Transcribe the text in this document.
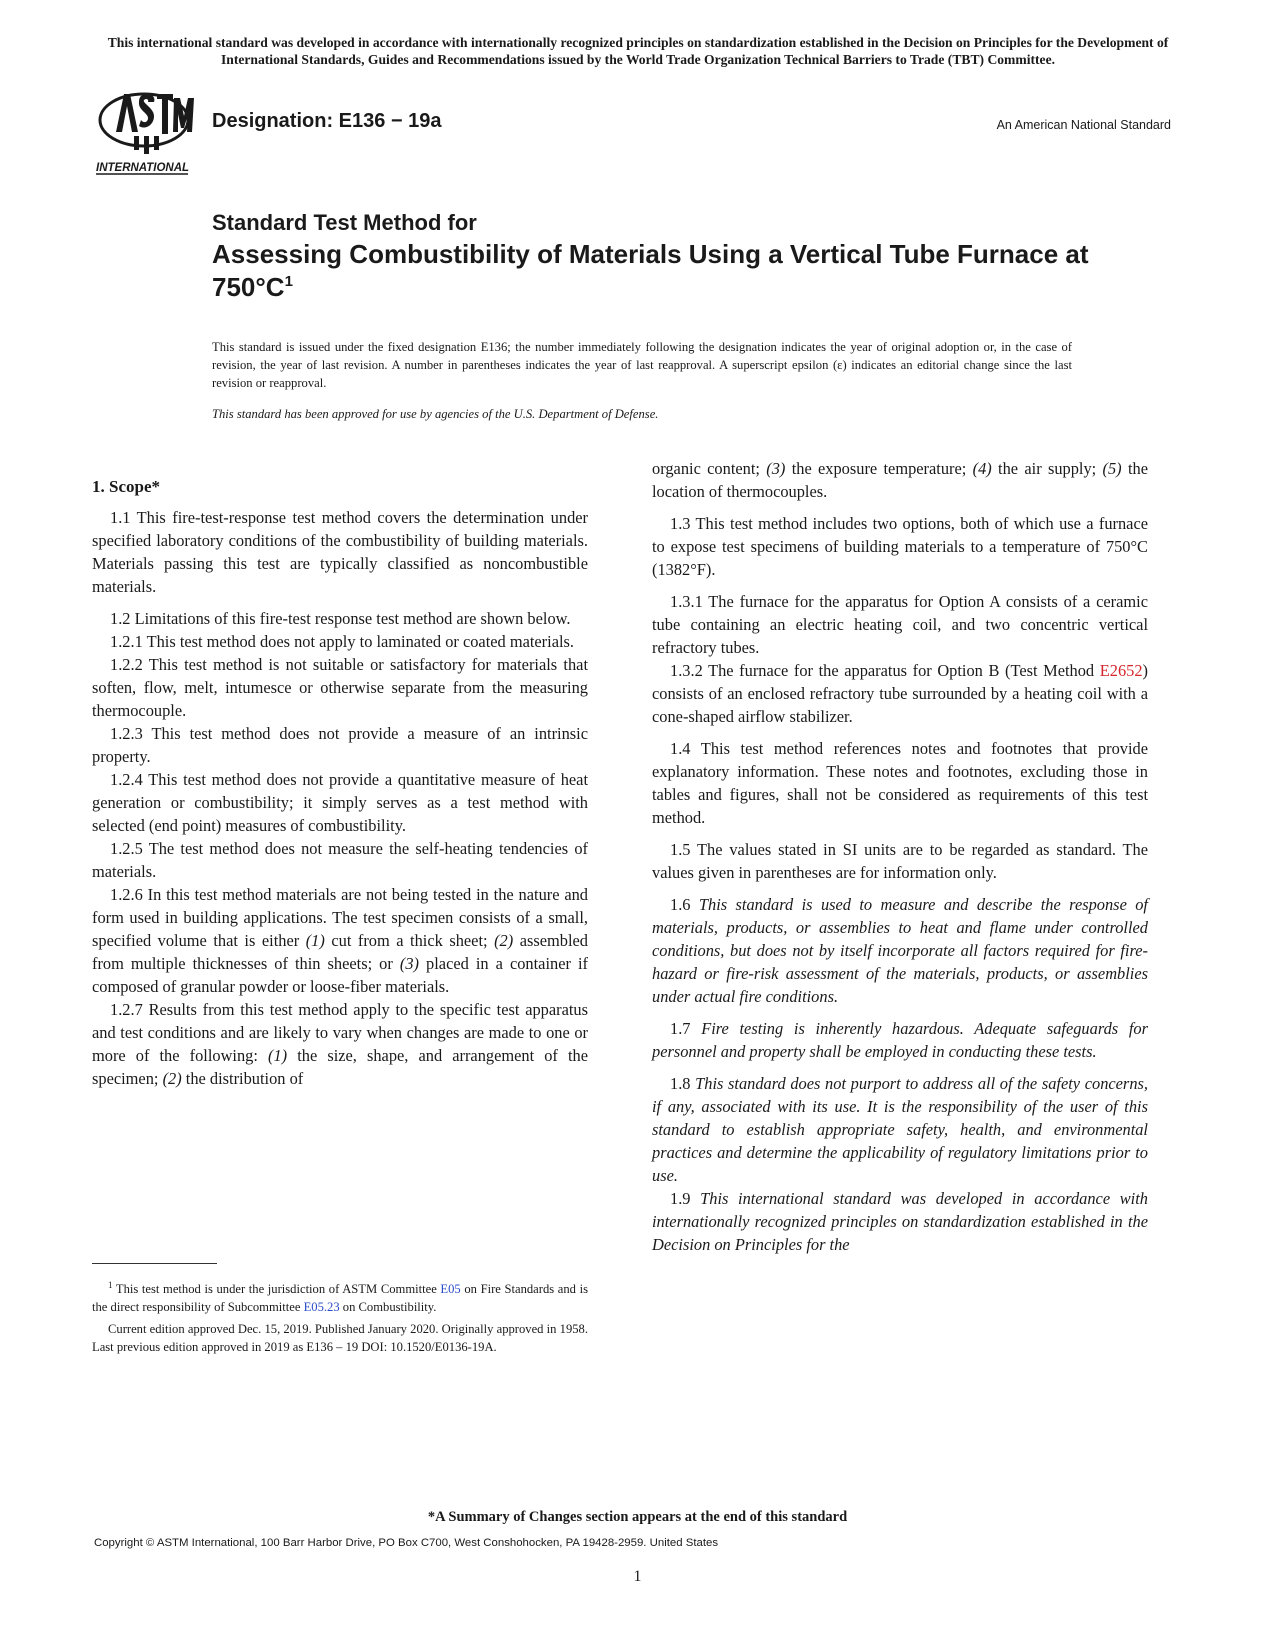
This international standard was developed in accordance with internationally recognized principles on standardization established in the Decision on Principles for the Development of International Standards, Guides and Recommendations issued by the World Trade Organization Technical Barriers to Trade (TBT) Committee.
INTERNATIONAL
Designation: E136 − 19a	An American National Standard
Standard Test Method for
Assessing Combustibility of Materials Using a Vertical Tube Furnace at $750^\circ C^1$
This standard is issued under the fixed designation E136; the number immediately following the designation indicates the year of original adoption or, in the case of revision, the year of last revision. A number in parentheses indicates the year of last reapproval. A superscript epsilon (ε) indicates an editorial change since the last revision or reapproval.
This standard has been approved for use by agencies of the U.S. Department of Defense.
1. Scope*

1.1 This fire-test-response test method covers the determination under specified laboratory conditions of the combustibility of building materials. Materials passing this test are typically classified as noncombustible materials.

1.2 Limitations of this fire-test response test method are shown below.

1.2.1 This test method does not apply to laminated or coated materials.

1.2.2 This test method is not suitable or satisfactory for materials that soften, flow, melt, intumesce or otherwise separate from the measuring thermocouple.

1.2.3 This test method does not provide a measure of an intrinsic property.

1.2.4 This test method does not provide a quantitative measure of heat generation or combustibility; it simply serves as a test method with selected (end point) measures of combustibility.

1.2.5 The test method does not measure the self-heating tendencies of materials.

1.2.6 In this test method materials are not being tested in the nature and form used in building applications. The test specimen consists of a small, specified volume that is either (1) cut from a thick sheet; (2) assembled from multiple thicknesses of thin sheets; or (3) placed in a container if composed of granular powder or loose-fiber materials.

1.2.7 Results from this test method apply to the specific test apparatus and test conditions and are likely to vary when changes are made to one or more of the following: (1) the size, shape, and arrangement of the specimen; (2) the distribution of

organic content; (3) the exposure temperature; (4) the air supply; (5) the location of thermocouples.

1.3 This test method includes two options, both of which use a furnace to expose test specimens of building materials to a temperature of 750°C (1382°F).

1.3.1 The furnace for the apparatus for Option A consists of a ceramic tube containing an electric heating coil, and two concentric vertical refractory tubes.

1.3.2 The furnace for the apparatus for Option B (Test Method E2652) consists of an enclosed refractory tube surrounded by a heating coil with a cone-shaped airflow stabilizer.

1.4 This test method references notes and footnotes that provide explanatory information. These notes and footnotes, excluding those in tables and figures, shall not be considered as requirements of this test method.

1.5 The values stated in SI units are to be regarded as standard. The values given in parentheses are for information only.

1.6 This standard is used to measure and describe the response of materials, products, or assemblies to heat and flame under controlled conditions, but does not by itself incorporate all factors required for fire-hazard or fire-risk assessment of the materials, products, or assemblies under actual fire conditions.

1.7 Fire testing is inherently hazardous. Adequate safeguards for personnel and property shall be employed in conducting these tests.

1.8 This standard does not purport to address all of the safety concerns, if any, associated with its use. It is the responsibility of the user of this standard to establish appropriate safety, health, and environmental practices and determine the applicability of regulatory limitations prior to use.

1.9 This international standard was developed in accordance with internationally recognized principles on standardization established in the Decision on Principles for the

$^1$ This test method is under the jurisdiction of ASTM Committee E05 on Fire Standards and is the direct responsibility of Subcommittee E05.23 on Combustibility.

Current edition approved Dec. 15, 2019. Published January 2020. Originally approved in 1958. Last previous edition approved in 2019 as E136 – 19 DOI: 10.1520/E0136-19A.

*A Summary of Changes section appears at the end of this standard
Copyright © ASTM International, 100 Barr Harbor Drive, PO Box C700, West Conshohocken, PA 19428-2959. United States
1
